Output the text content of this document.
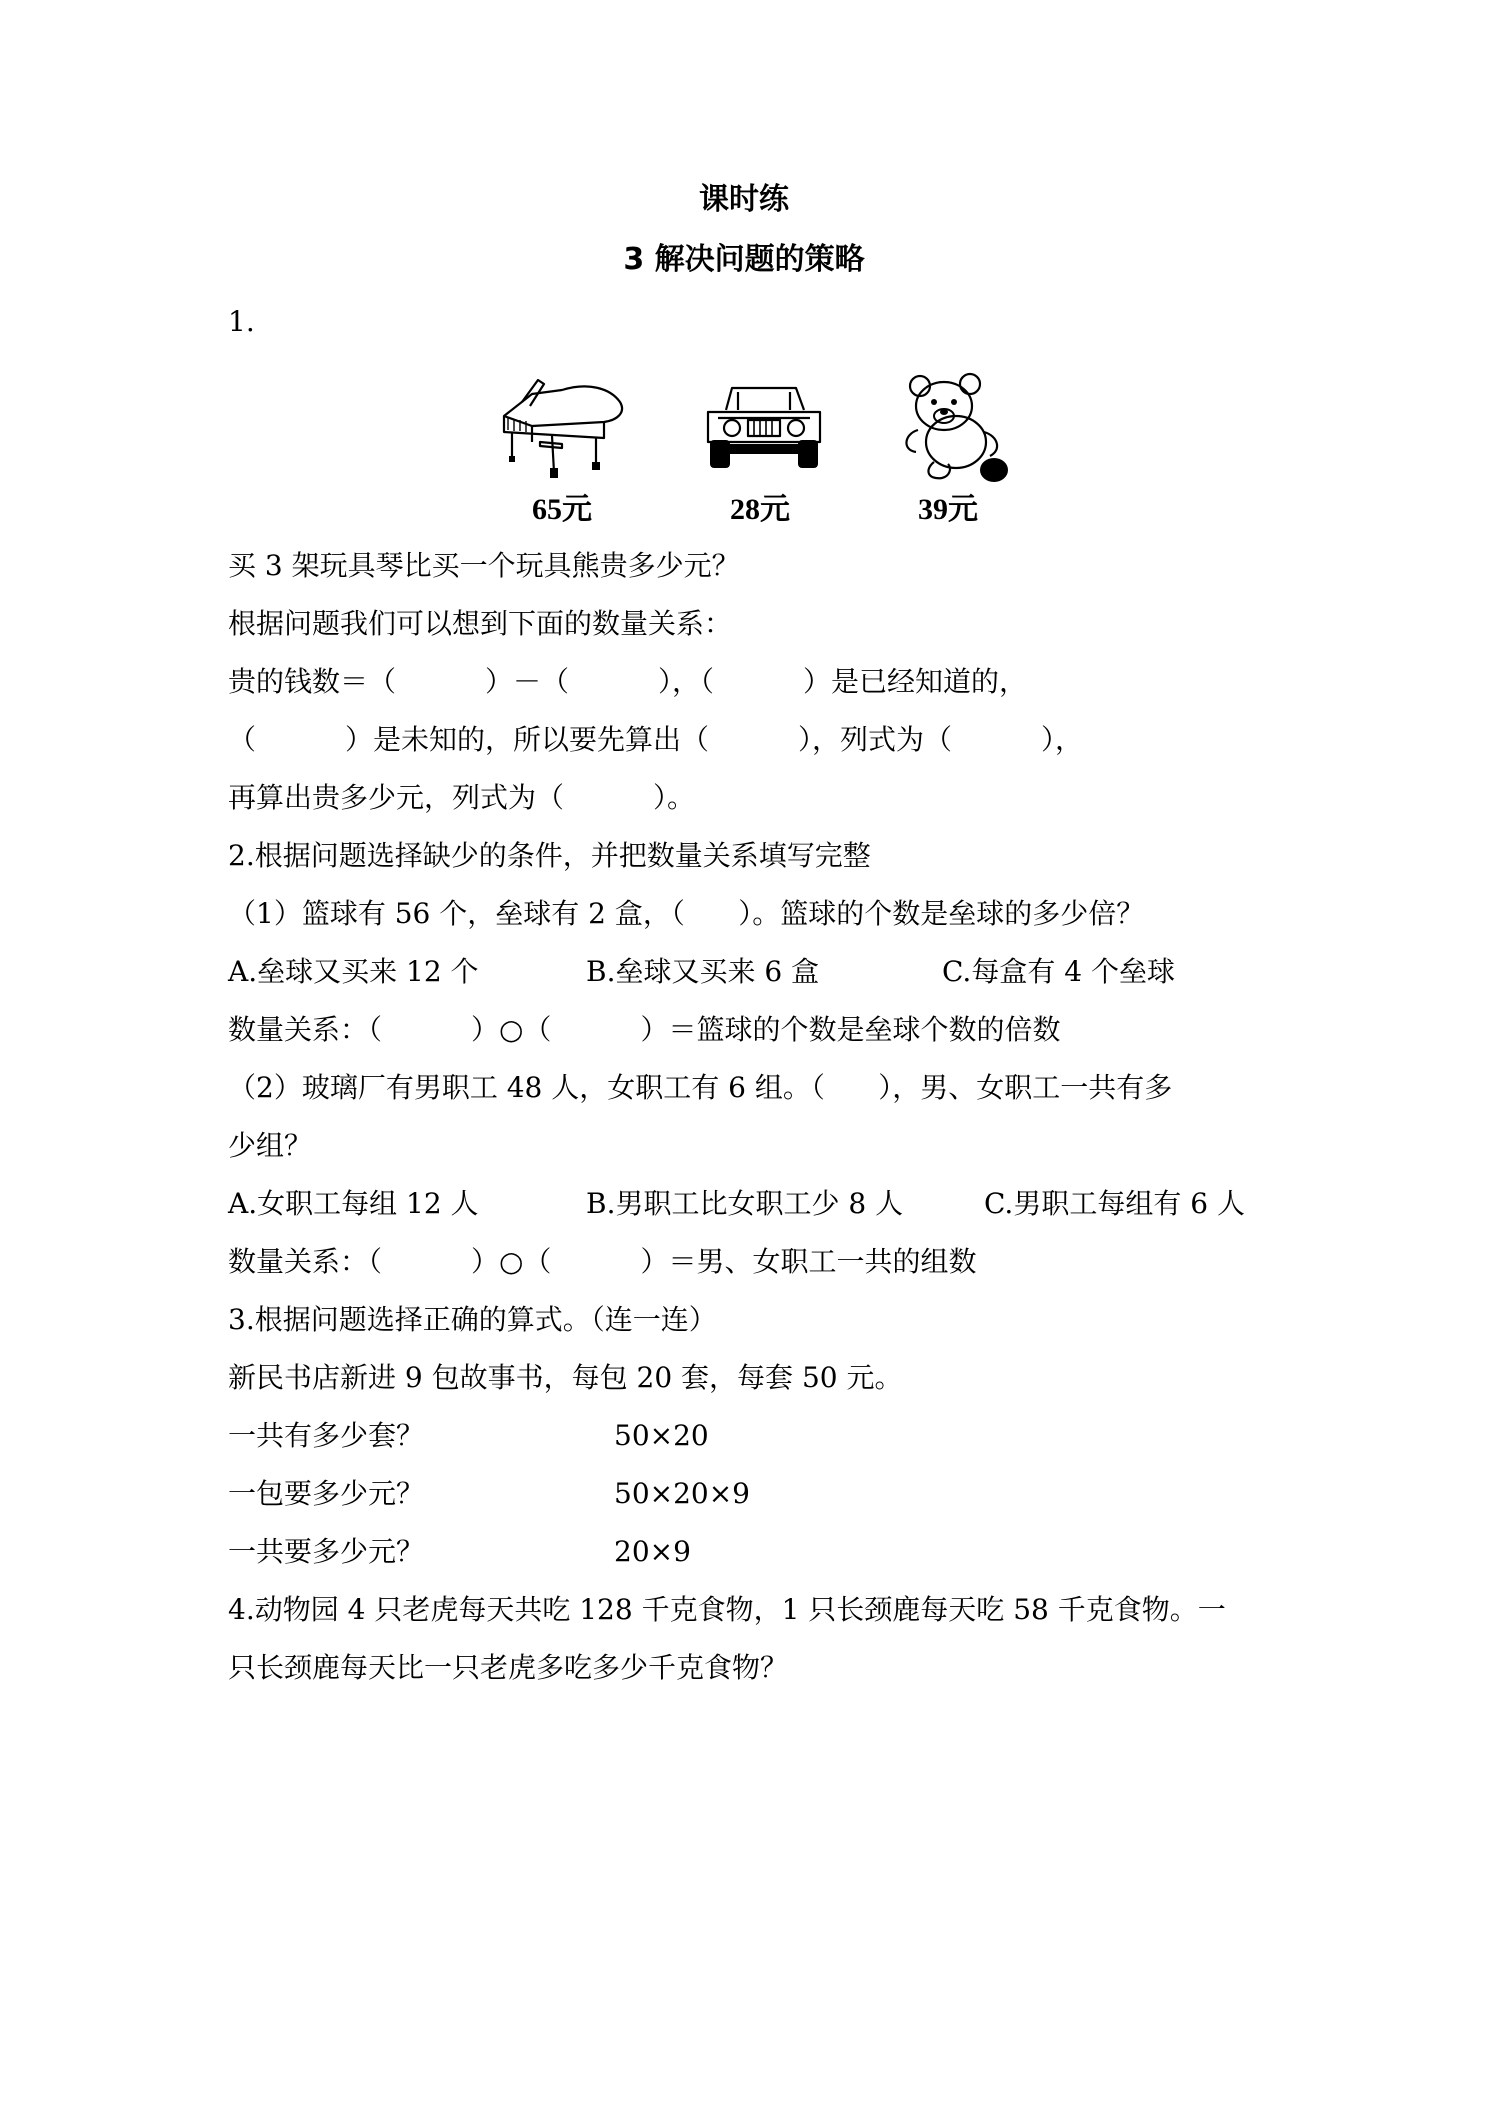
课时练
3 解决问题的策略
1.
65元	28元	39元
买 3 架玩具琴比买一个玩具熊贵多少元？
根据问题我们可以想到下面的数量关系：
贵的钱数＝（          ）－（          ），（          ）是已经知道的，
（          ）是未知的，所以要先算出（          ），列式为（          ），
再算出贵多少元，列式为（          ）。
2.根据问题选择缺少的条件，并把数量关系填写完整
（1）篮球有 56 个，垒球有 2 盒，（      ）。篮球的个数是垒球的多少倍？
A.垒球又买来 12 个	B.垒球又买来 6 盒	C.每盒有 4 个垒球
数量关系：（          ）○（          ）＝篮球的个数是垒球个数的倍数
（2）玻璃厂有男职工 48 人，女职工有 6 组。（      ），男、女职工一共有多
少组？
A.女职工每组 12 人	B.男职工比女职工少 8 人	C.男职工每组有 6 人
数量关系：（          ）○（          ）＝男、女职工一共的组数
3.根据问题选择正确的算式。（连一连）
新民书店新进 9 包故事书，每包 20 套，每套 50 元。
一共有多少套？	50×20
一包要多少元？	50×20×9
一共要多少元？	20×9
4.动物园 4 只老虎每天共吃 128 千克食物，1 只长颈鹿每天吃 58 千克食物。一
只长颈鹿每天比一只老虎多吃多少千克食物？
